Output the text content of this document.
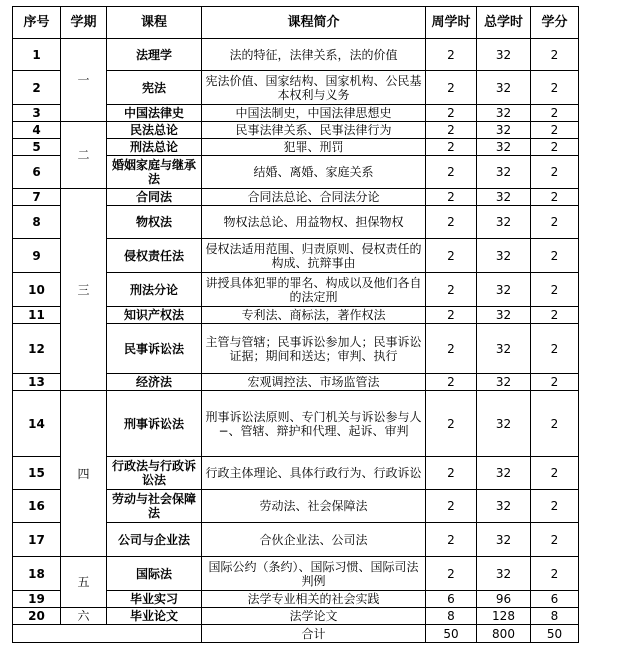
序号	学期	课程	课程简介	周学时	总学时	学分
1	一	法理学	法的特征，法律关系，法的价值	2	32	2
2		宪法	宪法价值、国家结构、国家机构、公民基本权利与义务	2	32	2
3		中国法律史	中国法制史，中国法律思想史	2	32	2
4	二	民法总论	民事法律关系、民事法律行为	2	32	2
5		刑法总论	犯罪、刑罚	2	32	2
6		婚姻家庭与继承法	结婚、离婚、家庭关系	2	32	2
7	三	合同法	合同法总论、合同法分论	2	32	2
8		物权法	物权法总论、用益物权、担保物权	2	32	2
9		侵权责任法	侵权法适用范围、归责原则、侵权责任的构成、抗辩事由	2	32	2
10		刑法分论	讲授具体犯罪的罪名、构成以及他们各自的法定刑	2	32	2
11		知识产权法	专利法、商标法，著作权法	2	32	2
12		民事诉讼法	主管与管辖；民事诉讼参加人；民事诉讼证据；期间和送达；审判、执行	2	32	2
13		经济法	宏观调控法、市场监管法	2	32	2
14	四	刑事诉讼法	刑事诉讼法原则、专门机关与诉讼参与人−、管辖、辩护和代理、起诉、审判	2	32	2
15		行政法与行政诉讼法	行政主体理论、具体行政行为、行政诉讼	2	32	2
16		劳动与社会保障法	劳动法、社会保障法	2	32	2
17		公司与企业法	合伙企业法、公司法	2	32	2
18	五	国际法	国际公约（条约）、国际习惯、国际司法判例	2	32	2
19		毕业实习	法学专业相关的社会实践	6	96	6
20	六	毕业论文	法学论文	8	128	8
			合计	50	800	50
